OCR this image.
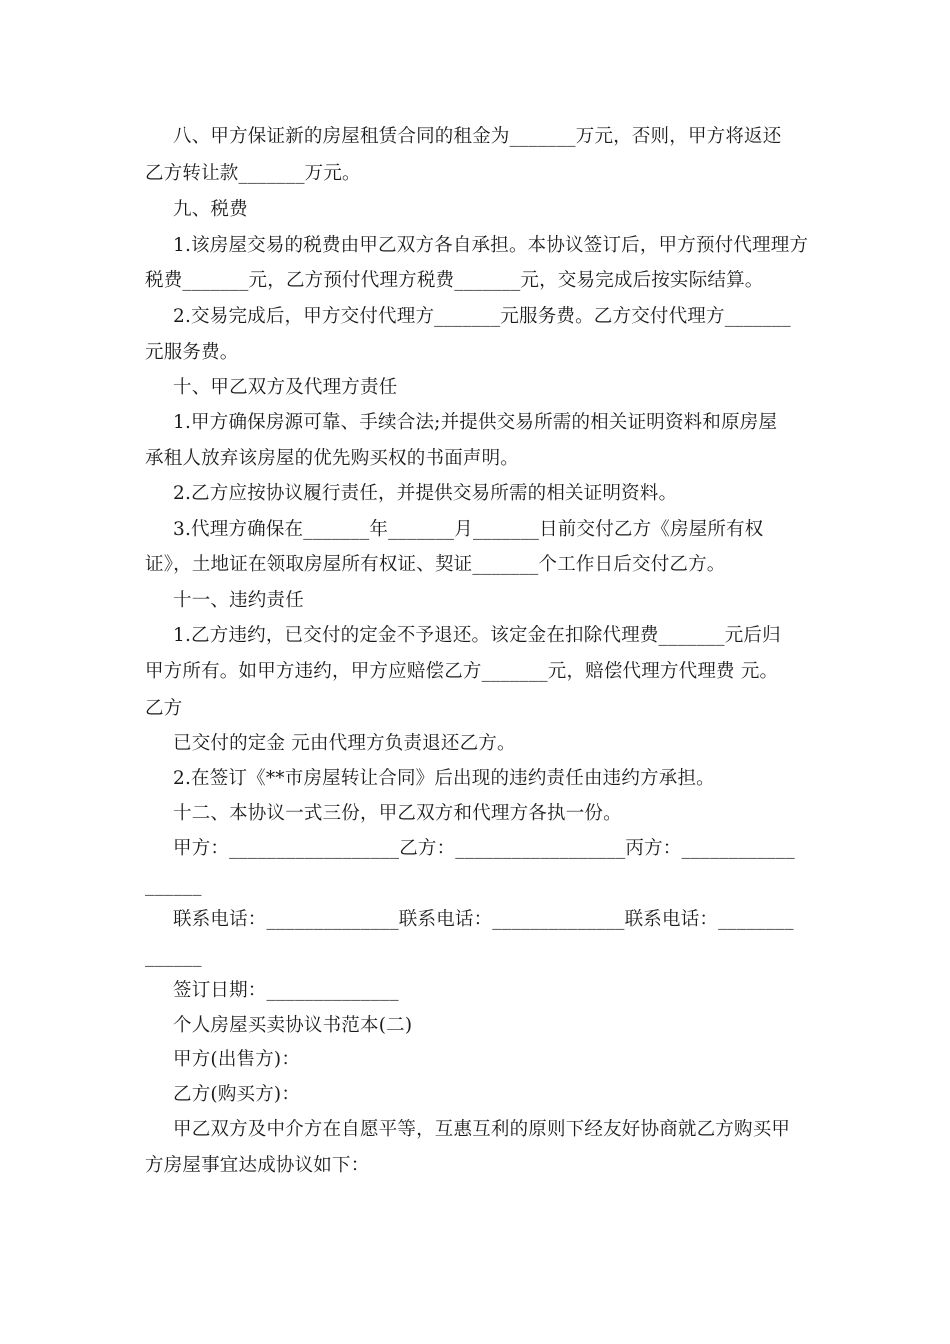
八、甲方保证新的房屋租赁合同的租金为_______万元，否则，甲方将返还
乙方转让款_______万元。
九、税费
1.该房屋交易的税费由甲乙双方各自承担。本协议签订后，甲方预付代理理方
税费_______元，乙方预付代理方税费_______元，交易完成后按实际结算。
2.交易完成后，甲方交付代理方_______元服务费。乙方交付代理方_______
元服务费。
十、甲乙双方及代理方责任
1.甲方确保房源可靠、手续合法;并提供交易所需的相关证明资料和原房屋
承租人放弃该房屋的优先购买权的书面声明。
2.乙方应按协议履行责任，并提供交易所需的相关证明资料。
3.代理方确保在_______年_______月_______日前交付乙方《房屋所有权
证》，土地证在领取房屋所有权证、契证_______个工作日后交付乙方。
十一、违约责任
1.乙方违约，已交付的定金不予退还。该定金在扣除代理费_______元后归
甲方所有。如甲方违约，甲方应赔偿乙方_______元，赔偿代理方代理费 元。
乙方
已交付的定金 元由代理方负责退还乙方。
2.在签订《**市房屋转让合同》后出现的违约责任由违约方承担。
十二、本协议一式三份，甲乙双方和代理方各执一份。
甲方：__________________乙方：__________________丙方：____________
______
联系电话：______________联系电话：______________联系电话：________
______
签订日期：______________
个人房屋买卖协议书范本(二)
甲方(出售方)：
乙方(购买方)：
甲乙双方及中介方在自愿平等，互惠互利的原则下经友好协商就乙方购买甲
方房屋事宜达成协议如下：
